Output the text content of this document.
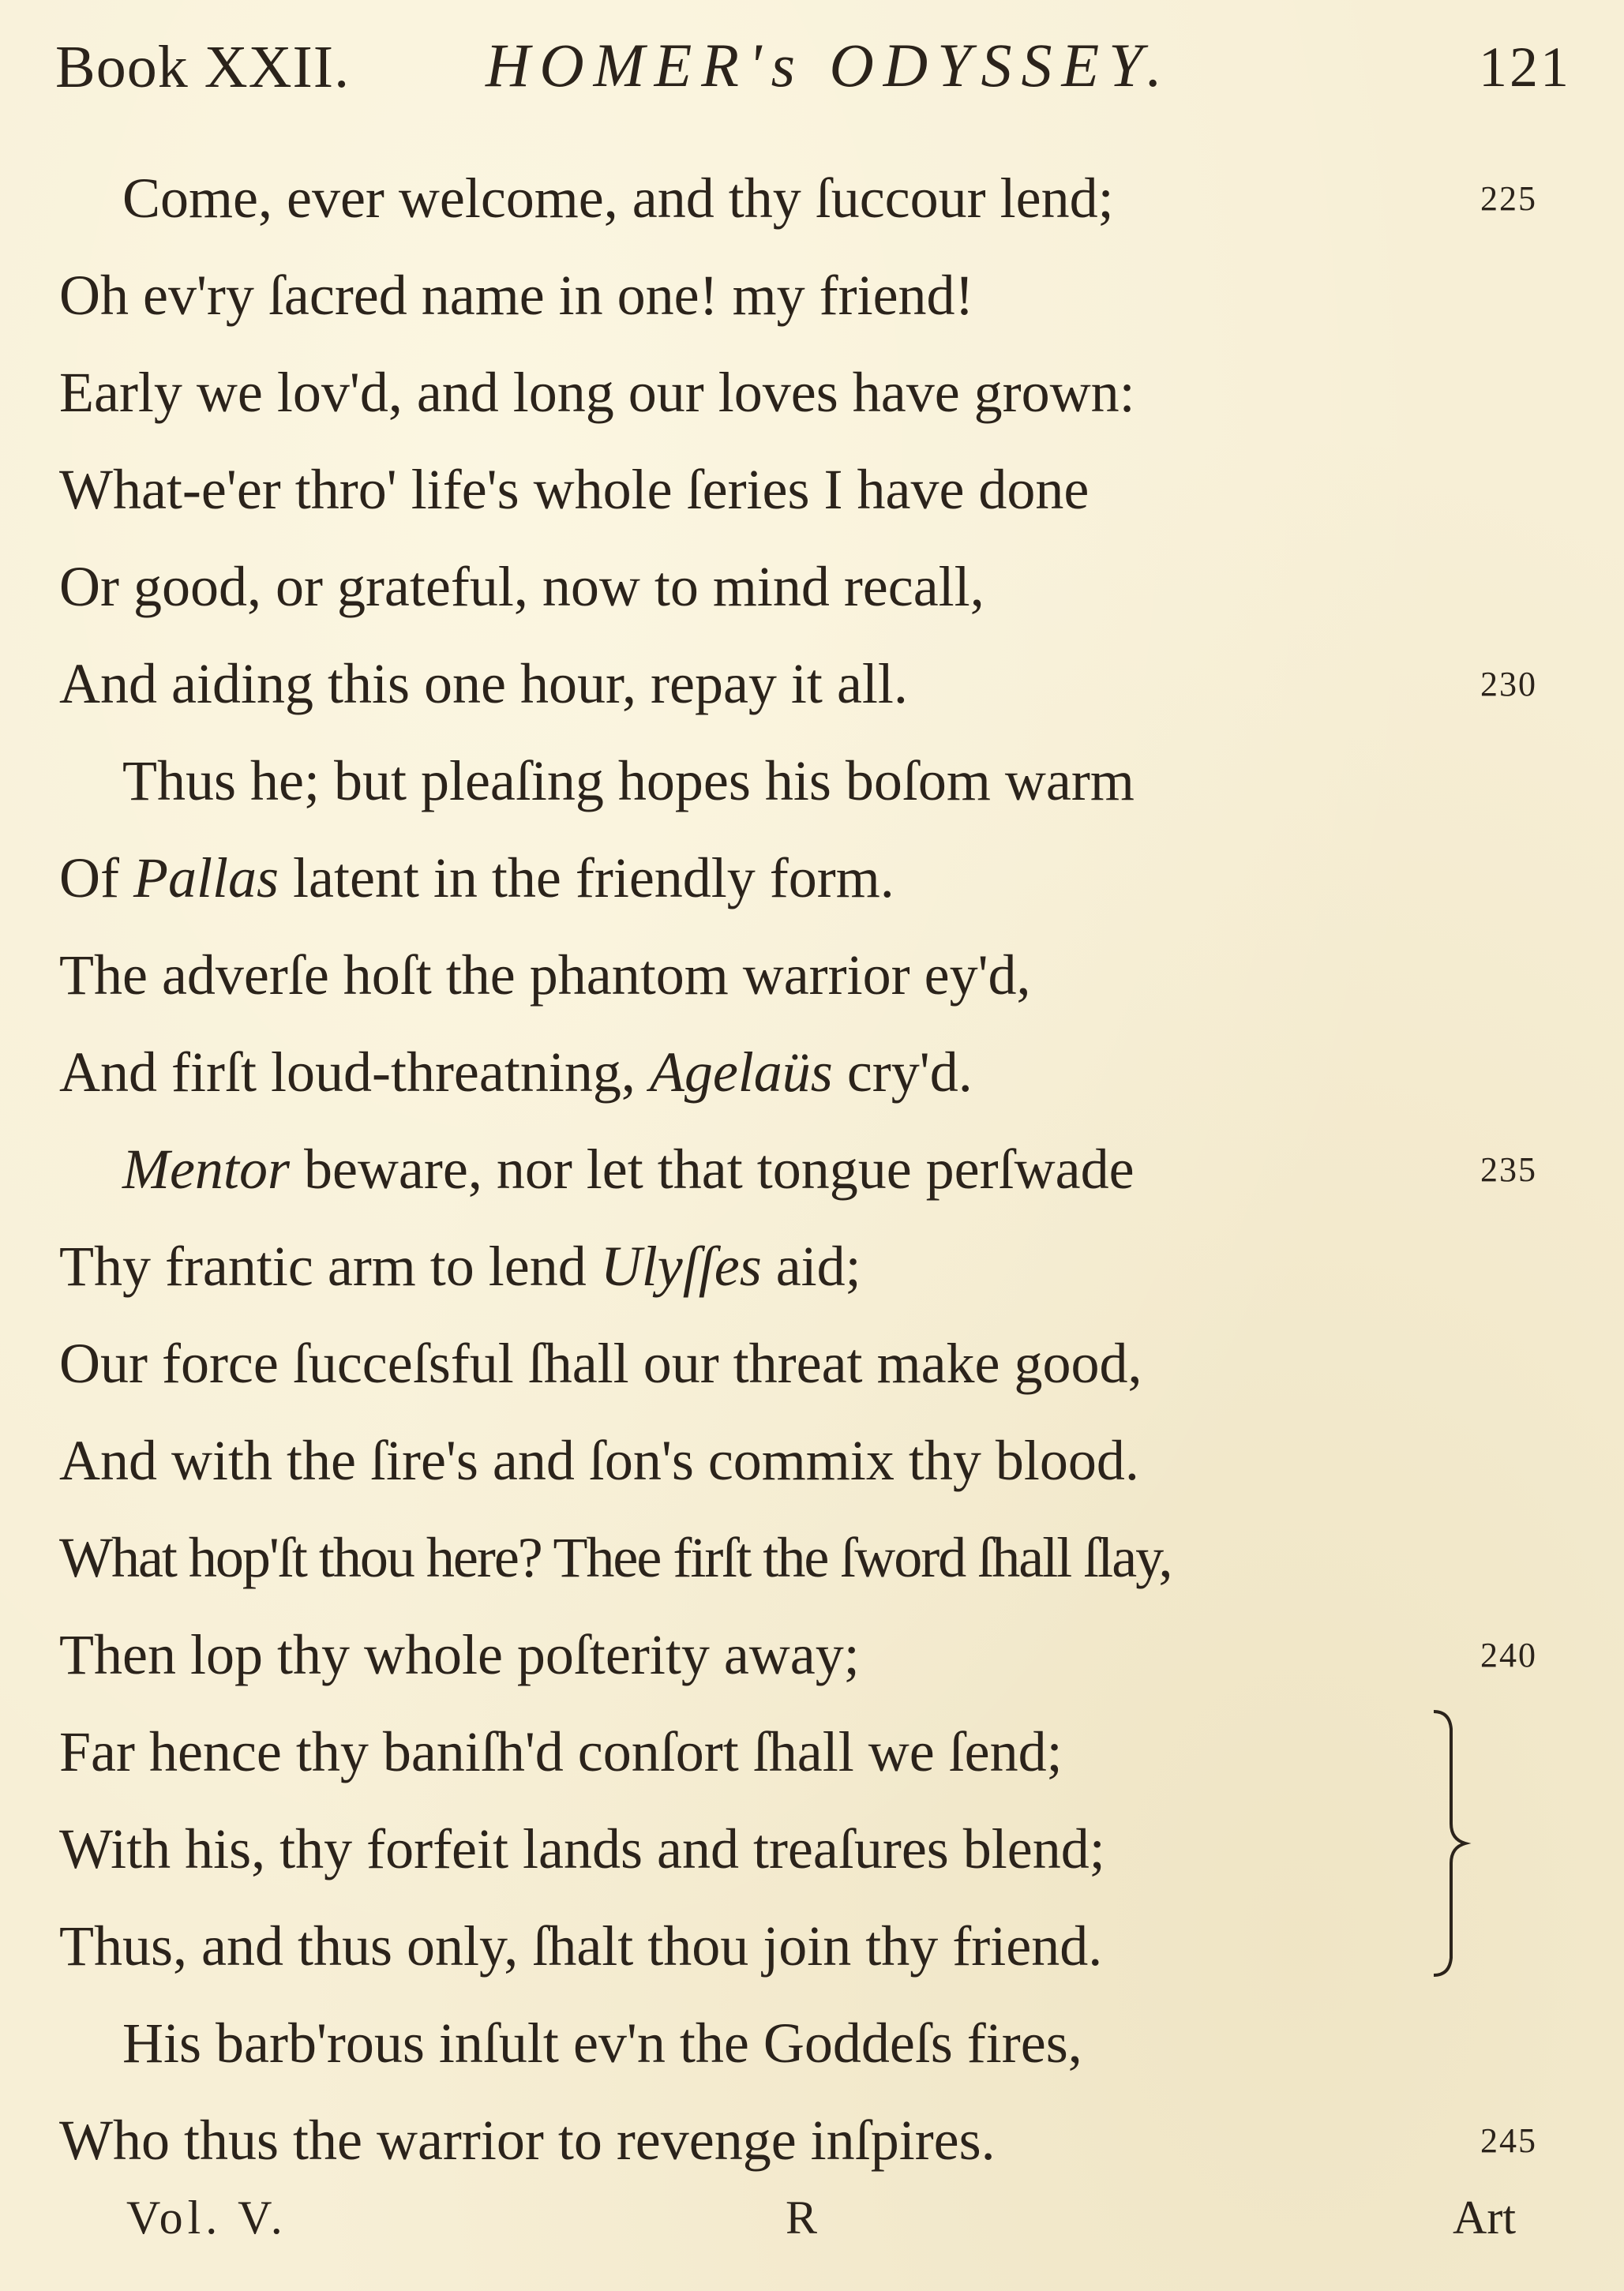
Book XXII. HOMER's ODYSSEY.	121
Come, ever welcome, and thy ſuccour lend;	225
Oh ev'ry ſacred name in one! my friend!
Early we lov'd, and long our loves have grown:
What-e'er thro' life's whole ſeries I have done
Or good, or grateful, now to mind recall,
And aiding this one hour, repay it all.	230
Thus he; but pleaſing hopes his boſom warm
Of Pallas latent in the friendly form.
The adverſe hoſt the phantom warrior ey'd,
And firſt loud-threatning, Agelaüs cry'd.
Mentor beware, nor let that tongue perſwade	235
Thy frantic arm to lend Ulyſſes aid;
Our force ſucceſsful ſhall our threat make good,
And with the ſire's and ſon's commix thy blood.
What hop'ſt thou here? Thee firſt the ſword ſhall ſlay,
Then lop thy whole poſterity away;	240
Far hence thy baniſh'd conſort ſhall we ſend;
With his, thy forfeit lands and treaſures blend;
Thus, and thus only, ſhalt thou join thy friend.
His barb'rous inſult ev'n the Goddeſs fires,
Who thus the warrior to revenge inſpires.	245
Vol. V.	R	Art
